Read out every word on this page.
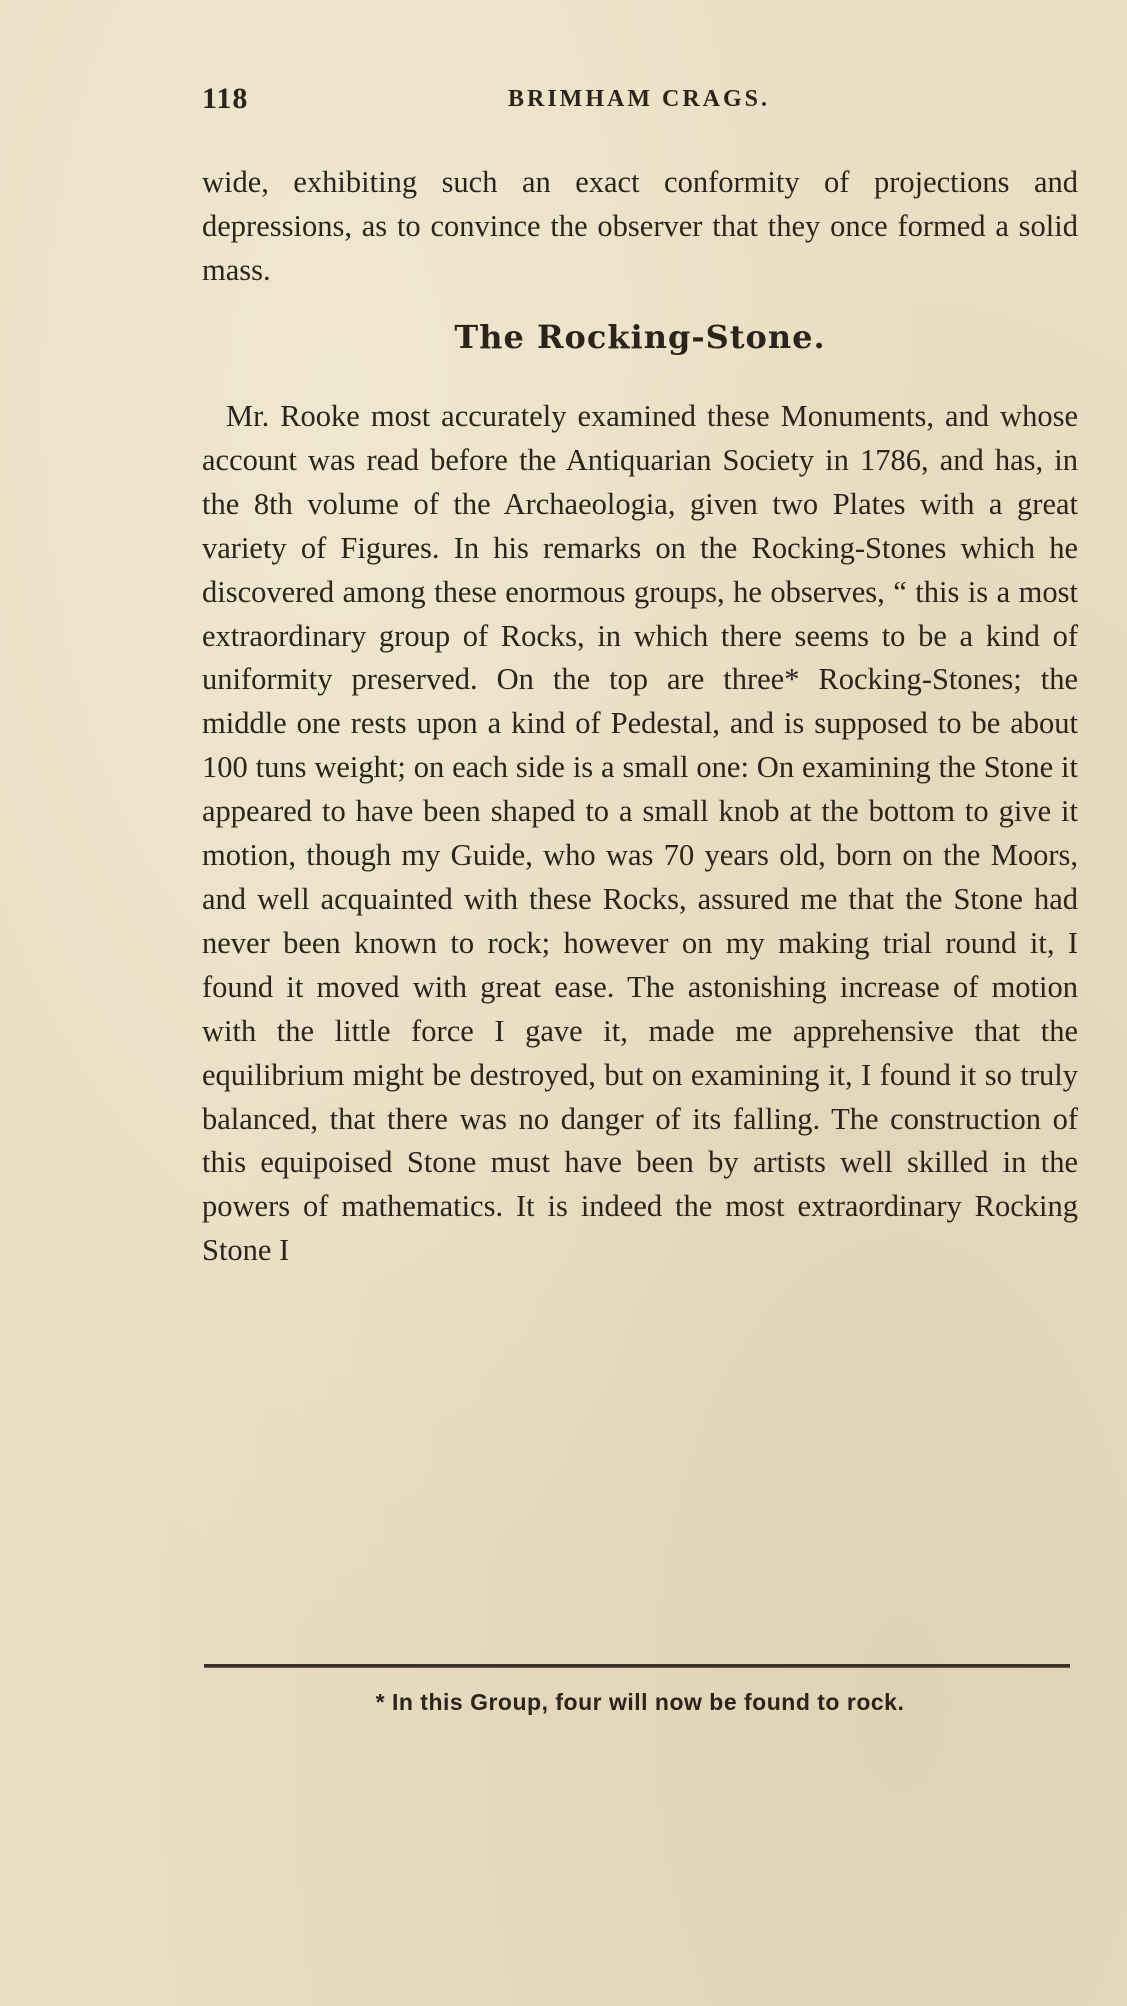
118	BRIMHAM CRAGS.

wide, exhibiting such an exact conformity of projections and depressions, as to convince the observer that they once formed a solid mass.

The Rocking-Stone.

Mr. Rooke most accurately examined these Monuments, and whose account was read before the Antiquarian Society in 1786, and has, in the 8th volume of the Archaeologia, given two Plates with a great variety of Figures. In his remarks on the Rocking-Stones which he discovered among these enormous groups, he observes, “ this is a most extraordinary group of Rocks, in which there seems to be a kind of uniformity preserved. On the top are three* Rocking-Stones; the middle one rests upon a kind of Pedestal, and is supposed to be about 100 tuns weight; on each side is a small one: On examining the Stone it appeared to have been shaped to a small knob at the bottom to give it motion, though my Guide, who was 70 years old, born on the Moors, and well acquainted with these Rocks, assured me that the Stone had never been known to rock; however on my making trial round it, I found it moved with great ease. The astonishing increase of motion with the little force I gave it, made me apprehensive that the equilibrium might be destroyed, but on examining it, I found it so truly balanced, that there was no danger of its falling. The construction of this equipoised Stone must have been by artists well skilled in the powers of mathematics. It is indeed the most extraordinary Rocking Stone I

* In this Group, four will now be found to rock.
